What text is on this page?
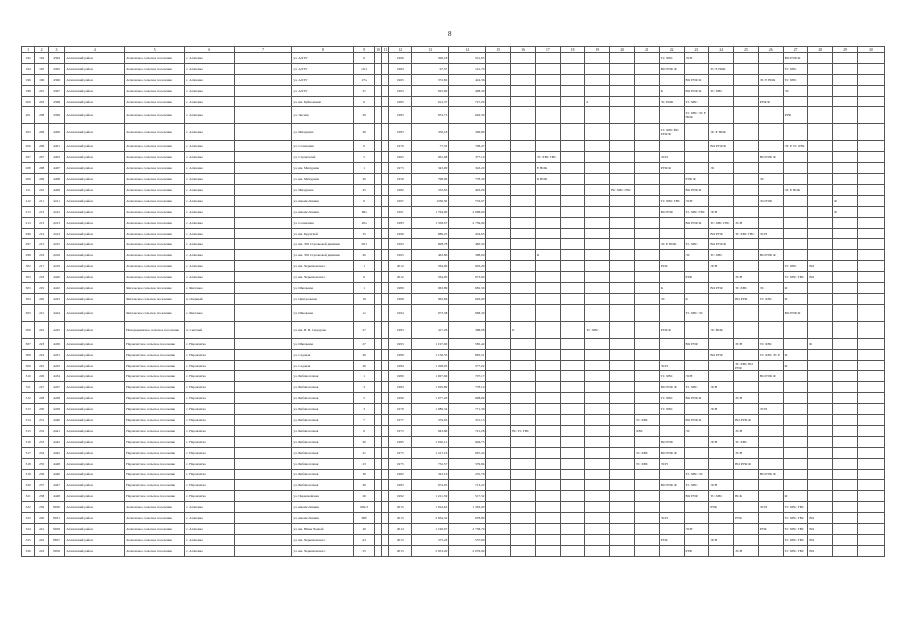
8
1	2	3	4	5	6	7	8	9	10	11	12	13	14	15	16	17	18	19	20	21	22	23	24	25	26	27	28	29	30
192	194	4394	Агаповский район	Агаповское сельское поселение	с. Агаповка		ул. АЛТУ	6			1966	506,18	541,65								ТС ХВС	ЭСН				ВО РУФ Ф			
194	195	4395	Агаповский район	Агаповское сельское поселение	с. Агаповка		ул. АЛТУ	10/1			1984	97,37	141,79								ВО РУФ Ф		ТС Е НОК			ТС ХВС			
196	196	4396	Агаповский район	Агаповское сельское поселение	с. Агаповка		ул. АЛТУ	27а			1965	372,82	424,36									ВО РУФ Ф			ЭС Е НОК	ТС ХВС			
198	201	4397	Агаповский район	Агаповское сельское поселение	с. Агаповка		ул. АЛТУ	31			1963	625,90	408,30								К	ВО РУФ Ф	ТС ХВС			ЭС			
200	203	4398	Агаповский район	Агаповское сельское поселение	с. Агаповка		ул. им. Буйволкина	6			1985	612,37	727,00					6			ЭС НОК	ТС ХВС			РУФ Ф				
201	208	4399	Агаповский район	Агаповское сельское поселение	с. Агаповка		ул. Лесная	29			1983	653,73	649,30									ТС ХВС ЭС Е НОК				РУФ			
203	209	4400	Агаповский район	Агаповское сельское поселение	с. Агаповка		ул. Мичурина	26			1983	356,18	309,80								ТС ХВС ВО РУФ Ф		ЭС Е НОК						
206	206	4401	Агаповский район	Агаповское сельское поселение	с. Агаповка		ул. Солнечная	9			1976	77,35	708,47										ВО РУФ Ф			ЭС Е ТС ХВС			
207	207	4403	Агаповский район	Агаповское сельское поселение	с. Агаповка		ул. Строителей	5			1965	961,98	377,10			ТС ХВС ГВС					ЭСН				ВО РУФ Ф				
208	208	4407	Агаповский район	Агаповское сельское поселение	с. Агаповка		ул. им. Мичурина	1			1973	343,00	343,20			Е НОК					РУФ Ф		ЭС						
209	209	4408	Агаповский район	Агаповское сельское поселение	с. Агаповка		ул. им. Мичурина	20			1959	798,00	778,30			К НОК						РУФ Ф			ЭС				
211	210	4409	Агаповский район	Агаповское сельское поселение	с. Агаповка		ул. Мичурина	45			1982	532,63	493,00						ВС ХВС ГВС			ВО РУФ Ф				ЭС Е НОК			
212	211	4411	Агаповский район	Агаповское сельское поселение	с. Агаповка		ул. имени Ленина	6			1997	1336,50	733,07								ТС ХВС ГВС	ЭСН			ЭО РУФ			Ф	
213	212	4412	Агаповский район	Агаповское сельское поселение	с. Агаповка		ул. имени Ленина	68а			1991	1 764,00	2 068,00								ВО РУФ	ТС ХВС ГВС	ЭСН					Ф	
213	213	4413	Агаповский район	Агаповское сельское поселение	с. Агаповка		ул. Солнечная	20а			1983	1 358,07	2 759,90									ВО РУФ Ф	ТС ХВС ГВС	ЭСН					
296	214	4414	Агаповский район	Агаповское сельское поселение	с. Агаповка		ул. им. Крупской	35			1996	686,25	434,65										ВО РУФ	ТС ХВС ГВС	ЭСН				
297	215	4415	Агаповский район	Агаповское сельское поселение	с. Агаповка		ул. им. 350 Стрелковой дивизии	30/1			1993	608,78	483,50								ЭС Е НОК	ТС ХВС	ВО РУФ Ф						
298	216	4416	Агаповский район	Агаповское сельское поселение	с. Агаповка		ул. им. 350 Стрелковой дивизии	40			1965	463,86	398,00			К						ЭС	ТС ХВС		ВО РУФ Ф				
302	217	4419	Агаповский район	Агаповское сельское поселение	с. Агаповка		ул. им. Черняховского	1			2012	564,00	903,29								РУФ		ЭСН			ТС ХВС	ВО		
303	218	4420	Агаповский район	Агаповское сельское поселение	с. Агаповка		ул. им. Черняховского	6			2012	564,00	973,60									РУФ		ЭСН		ТС ХВС ГВС	ВО		
303	219	4422	Агаповский район	Янгельское сельское поселение	с. Янгелька		ул. Школьная	1			1989	963,89	682,30								К		ВО РУФ	ТС ХВС	ЭС	Ф			
304	220	4423	Агаповский район	Янгельское сельское поселение	п. Озерный		ул. Центральная	16			1968	963,96	626,00								ЭС	К		ВО РУФ	ТС ХВС	Ф			
305	221	4424	Агаповский район	Янгельское сельское поселение	с. Янгелька		ул. Школьная	1а			1994	973,38	968,30									ТС ХВС ЭС				ВО РУФ Ф			
306	222	4425	Агаповский район	Новоукраинское сельское поселение	п. Светлый		ул. им. В. И. Сидорова	27			1983	417,26	368,08		К			ТС ХВС			РУФ Ф		ЭС НОК						
307	223	4430	Агаповский район	Наровчатское сельское поселение	с. Наровчатка		ул. Школьная	27			1993	1 197,90	585,42									ВО РУФ		ЭСН	ТС ХВС		Ф		
308	224	4431	Агаповский район	Наровчатское сельское поселение	с. Наровчатка		ул. Садовая	26			1989	1 150,33	863,51										ВО РУФ		ТС ХВС ЭС Е	Ф			
309	225	4432	Агаповский район	Наровчатское сельское поселение	с. Наровчатка		ул. Садовая	26			1984	1 208,95	577,02								ЭСН			ТС ХВС ВО РУФ		Ф			
310	226	4434	Агаповский район	Наровчатское сельское поселение	с. Наровчатка		ул. Библиотечная	1			1980	1 007,69	707,17								ТС ХВС	ЭСН			ВО РУФ Ф				
311	227	4437	Агаповский район	Наровчатское сельское поселение	с. Наровчатка		ул. Библиотечная	3			1984	1 029,89	778,10								ВО РУФ Ф	ТС ХВС	ЭСН						
312	228	4438	Агаповский район	Наровчатское сельское поселение	с. Наровчатка		ул. Библиотечная	5			1990	1 077,20	698,69								ТС ХВС	ВО РУФ Ф		ЭСН					
313	230	4439	Агаповский район	Наровчатское сельское поселение	с. Наровчатка		ул. Библиотечная	3			1979	1 089,34	771,39								ТС ХВС		ЭСН		ЭСН				
314	231	4440	Агаповский район	Наровчатское сельское поселение	с. Наровчатка		ул. Библиотечная	7			1977	379,63	331,13							ТС ХВС		ВО РУФ Ф		ВО РУФ Ф					
315	232	4441	Агаповский район	Наровчатское сельское поселение	с. Наровчатка		ул. Библиотечная	9			1975	943,80	721,28		ВС ТС ГВС					ХВС		ЭС		ЭСН					
316	233	4442	Агаповский район	Наровчатское сельское поселение	с. Наровчатка		ул. Библиотечная	20			1985	1 020,12	946,73								ВО РУФ		ЭСН	ТС ХВС					
317	234	4445	Агаповский район	Наровчатское сельское поселение	с. Наровчатка		ул. Библиотечная	21			1975	1 417,16	667,24							ТС ХВС	ВО РУФ Ф			ЭСН					
318	235	4448	Агаповский район	Наровчатское сельское поселение	с. Наровчатка		ул. Библиотечная	23			1975	732,57	579,84							ТС ХВС	ЭСН			ВО РУФ Ф					
319	236	4446	Агаповский район	Наровчатское сельское поселение	с. Наровчатка		ул. Библиотечная	36			1982	343,16	255,76									ТС ХВС ЭС			ВО РУФ Ф				
320	237	4447	Агаповский район	Наровчатское сельское поселение	с. Наровчатка		ул. Библиотечная	36			1983	974,05	713,22								ВО РУФ Ф	ТС ХВС	ЭСН						
321	238	4448	Агаповский район	Наровчатское сельское поселение	с. Наровчатка		ул. Первомайская	26			1992	1 221,59	517,32									ВО РУФ	ТС ХВС	ВСК		Ф			
322	239	8930	Агаповский район	Агаповское сельское поселение	с. Агаповка		ул. имени Ленина	68а/3			2015	1 924,63	1 363,00										РУФ		ЭСН	ТС ХВС ГВС			
323	240	8931	Агаповский район	Агаповское сельское поселение	с. Агаповка		ул. имени Ленина	68б			2015	2 834,32	678,80								ЭСН			РУФ		ТС ХВС ГВС	ВО		
324	241	9029	Агаповский район	Агаповское сельское поселение	с. Агаповка		ул. им. Нины Чаевой	26			2014	1 190,67	2 758,70									ЭСН			РУФ	ТС ХВС ГВС	ВО		
325	242	8837	Агаповский район	Агаповское сельское поселение	с. Агаповка		ул. им. Черняховского	4/1			2015	575,26	537,60								РУФ		ЭСН			ТС ХВС ГВС	ВО		
326	243	9056	Агаповский район	Агаповское сельское поселение	с. Агаповка		ул. им. Черняховского	25			2015	2 953,20	2 079,90									РУФ		ЭСН		ТС ХВС ГВС	ВО		
